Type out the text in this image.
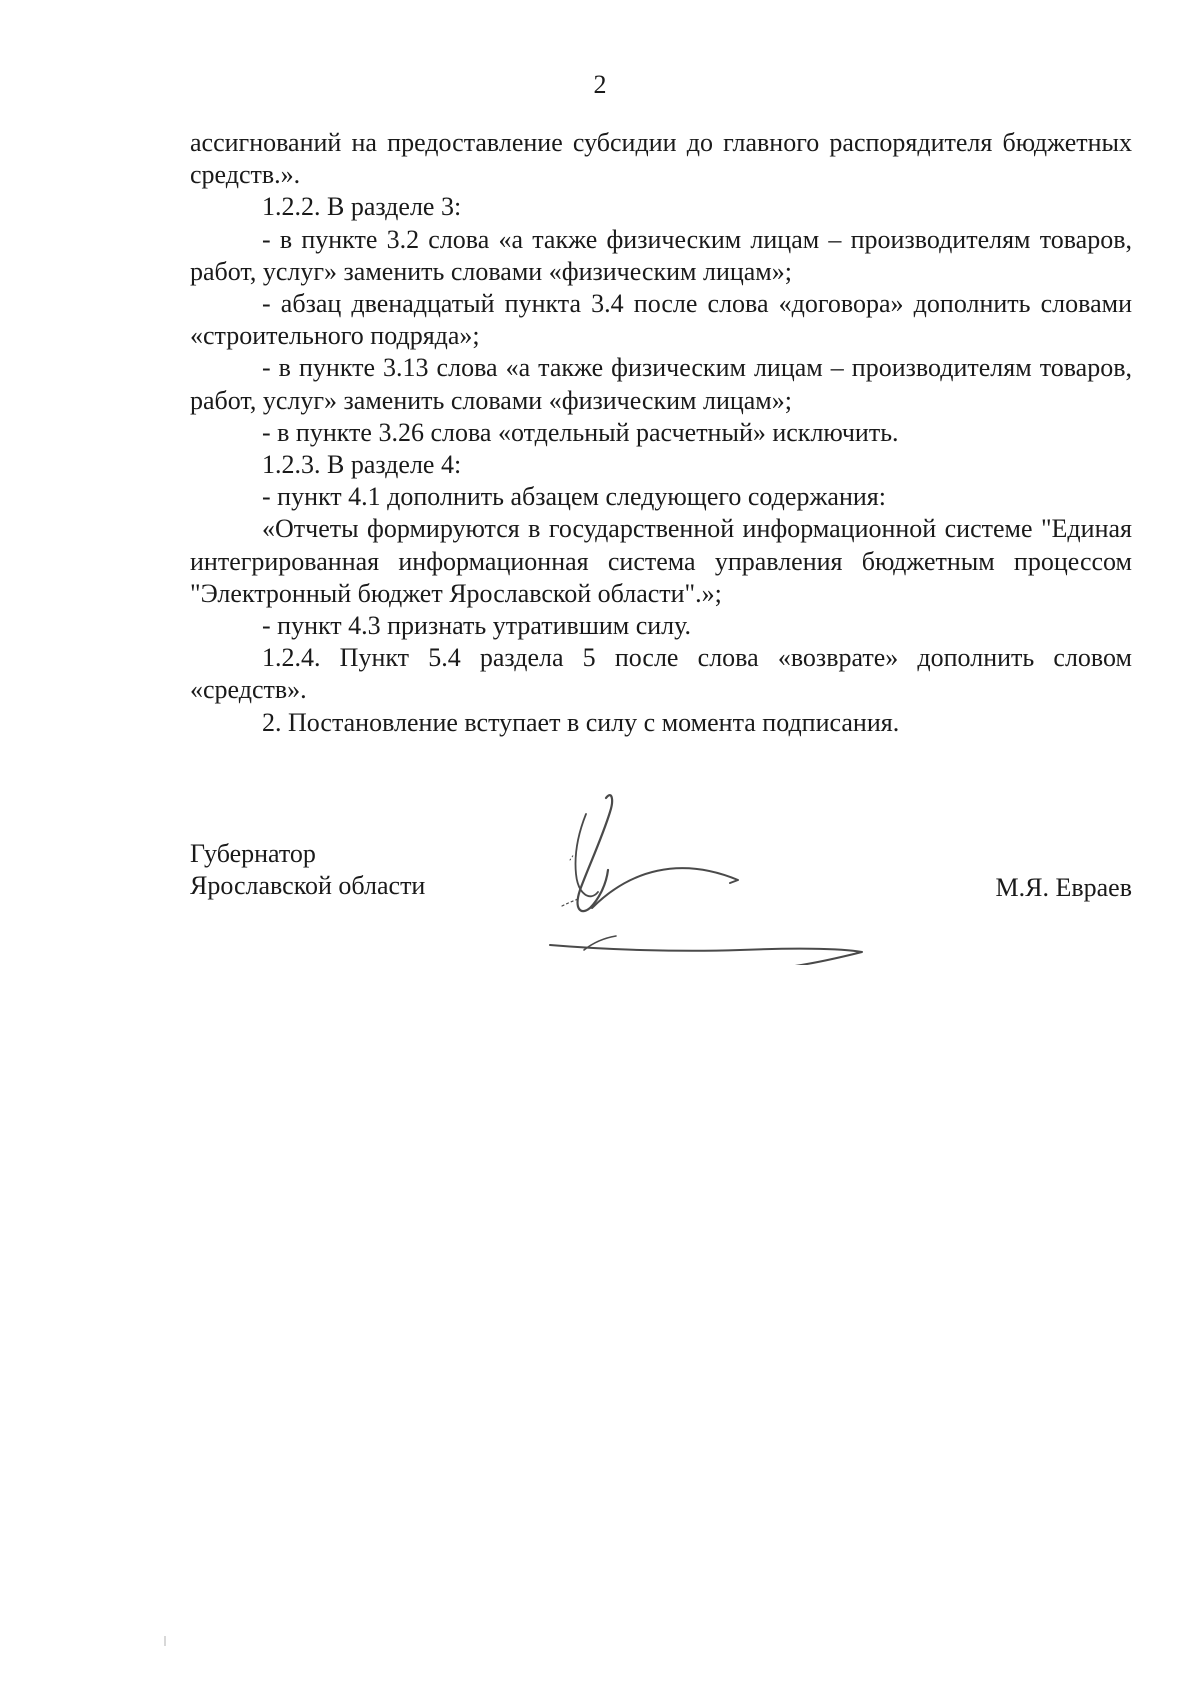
2

ассигнований на предоставление субсидии до главного распорядителя бюджетных средств.».

1.2.2. В разделе 3:

- в пункте 3.2 слова «а также физическим лицам – производителям товаров, работ, услуг» заменить словами «физическим лицам»;

- абзац двенадцатый пункта 3.4 после слова «договора» дополнить словами «строительного подряда»;

- в пункте 3.13 слова «а также физическим лицам – производителям товаров, работ, услуг» заменить словами «физическим лицам»;

- в пункте 3.26 слова «отдельный расчетный» исключить.

1.2.3. В разделе 4:

- пункт 4.1 дополнить абзацем следующего содержания:

«Отчеты формируются в государственной информационной системе "Единая интегрированная информационная система управления бюджетным процессом "Электронный бюджет Ярославской области".»;

- пункт 4.3 признать утратившим силу.

1.2.4. Пункт 5.4 раздела 5 после слова «возврате» дополнить словом «средств».

2. Постановление вступает в силу с момента подписания.

Губернатор
Ярославской области	М.Я. Евраев
